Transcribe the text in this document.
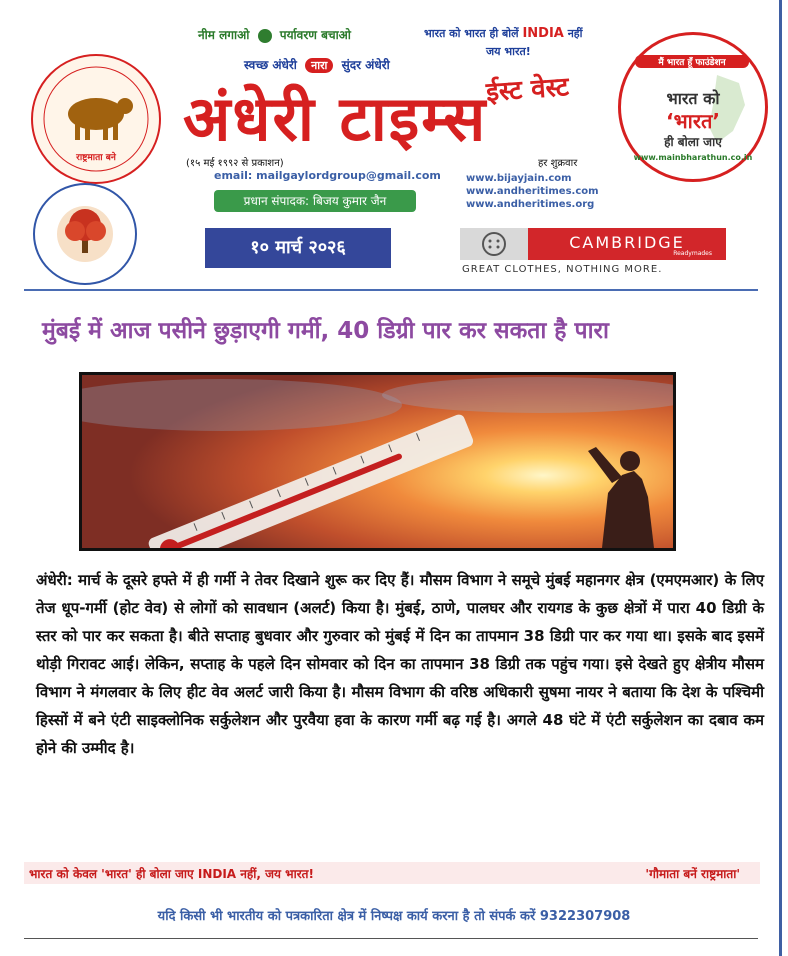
राष्ट्रमाता बने
मैं भारत हूँ फाउंडेशन
भारत को
‘भारत’
ही बोला जाए
www.mainbharathun.co.in
नीम लगाओ	पर्यावरण बचाओ
स्वच्छ अंधेरी नारा सुंदर अंधेरी
भारत को भारत ही बोलें INDIA नहीं
जय भारत!
ईस्ट वेस्ट
अंधेरी टाइम्स
(१५ मई १९९२ से प्रकाशन)	हर शुक्रवार
email: mailgaylordgroup@gmail.com
प्रधान संपादक: बिजय कुमार जैन
www.bijayjain.com
www.andheritimes.com
www.andheritimes.org
१० मार्च २०२६	CAMBRIDGE
Readymades
GREAT CLOTHES, NOTHING MORE.
मुंबई में आज पसीने छुड़ाएगी गर्मी, 40 डिग्री पार कर सकता है पारा
अंधेरी: मार्च के दूसरे हफ्ते में ही गर्मी ने तेवर दिखाने शुरू कर दिए हैं। मौसम विभाग ने समूचे मुंबई महानगर क्षेत्र (एमएमआर) के लिए तेज धूप-गर्मी (होट वेव) से लोगों को सावधान (अलर्ट) किया है। मुंबई, ठाणे, पालघर और रायगड के कुछ क्षेत्रों में पारा 40 डिग्री के स्तर को पार कर सकता है। बीते सप्ताह बुधवार और गुरुवार को मुंबई में दिन का तापमान 38 डिग्री पार कर गया था। इसके बाद इसमें थोड़ी गिरावट आई। लेकिन, सप्ताह के पहले दिन सोमवार को दिन का तापमान 38 डिग्री तक पहुंच गया। इसे देखते हुए क्षेत्रीय मौसम विभाग ने मंगलवार के लिए हीट वेव अलर्ट जारी किया है। मौसम विभाग की वरिष्ठ अधिकारी सुषमा नायर ने बताया कि देश के पश्चिमी हिस्सों में बने एंटी साइक्लोनिक सर्कुलेशन और पुरवैया हवा के कारण गर्मी बढ़ गई है। अगले 48 घंटे में एंटी सर्कुलेशन का दबाव कम होने की उम्मीद है।
भारत को केवल 'भारत' ही बोला जाए INDIA नहीं, जय भारत!	'गौमाता बनें राष्ट्रमाता'
यदि किसी भी भारतीय को पत्रकारिता क्षेत्र में निष्पक्ष कार्य करना है तो संपर्क करें 9322307908
